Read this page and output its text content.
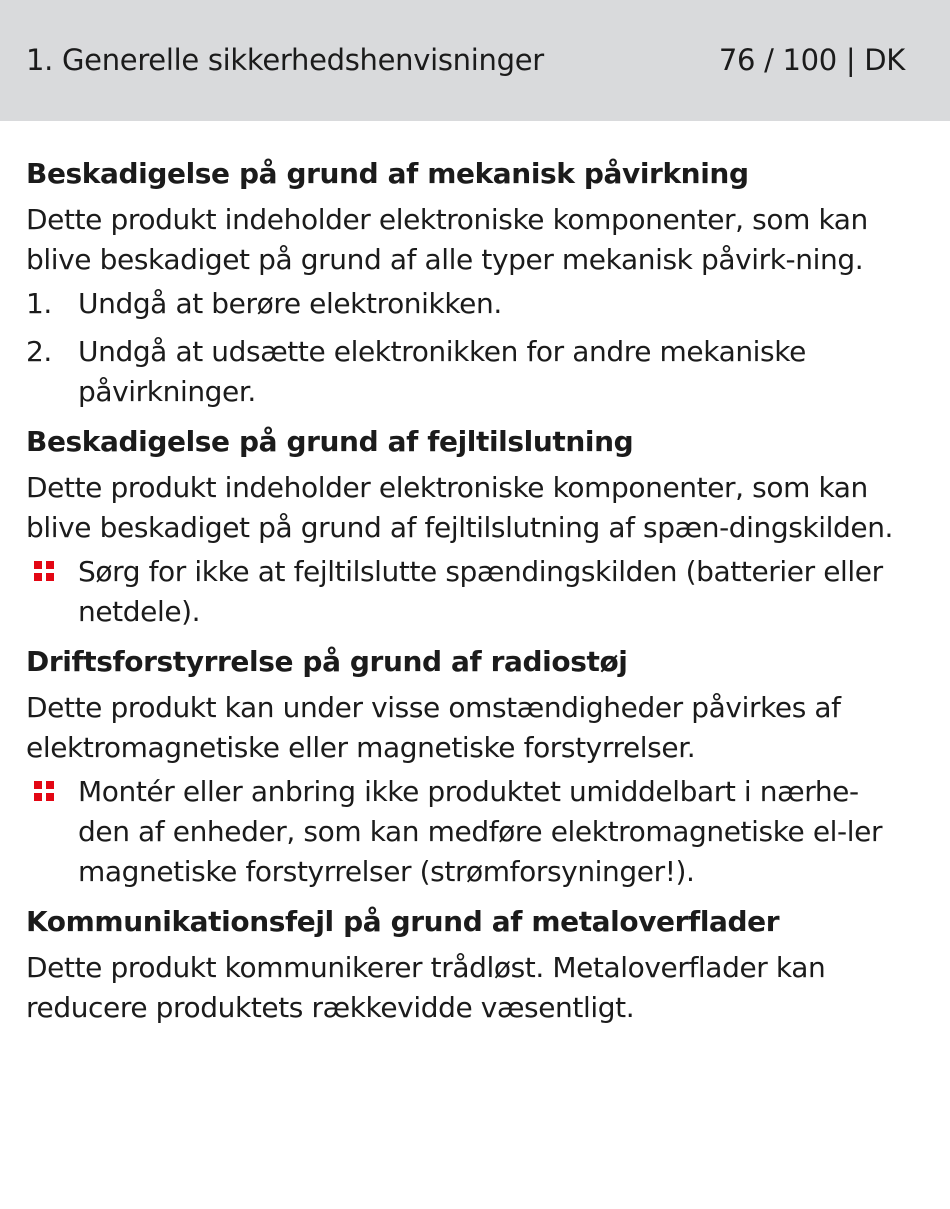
1. Generelle sikkerhedshenvisninger	76 / 100 | DK
Beskadigelse på grund af mekanisk påvirkning

Dette produkt indeholder elektroniske komponenter, som kan blive beskadiget på grund af alle typer mekanisk påvirk-ning.

1. Undgå at berøre elektronikken.
2. Undgå at udsætte elektronikken for andre mekaniske påvirkninger.
Beskadigelse på grund af fejltilslutning

Dette produkt indeholder elektroniske komponenter, som kan blive beskadiget på grund af fejltilslutning af spæn-dingskilden.

Sørg for ikke at fejltilslutte spændingskilden (batterier eller netdele).
Driftsforstyrrelse på grund af radiostøj

Dette produkt kan under visse omstændigheder påvirkes af elektromagnetiske eller magnetiske forstyrrelser.

Montér eller anbring ikke produktet umiddelbart i nærhe-den af enheder, som kan medføre elektromagnetiske el-ler magnetiske forstyrrelser (strømforsyninger!).
Kommunikationsfejl på grund af metaloverflader

Dette produkt kommunikerer trådløst. Metaloverflader kan reducere produktets rækkevidde væsentligt.
